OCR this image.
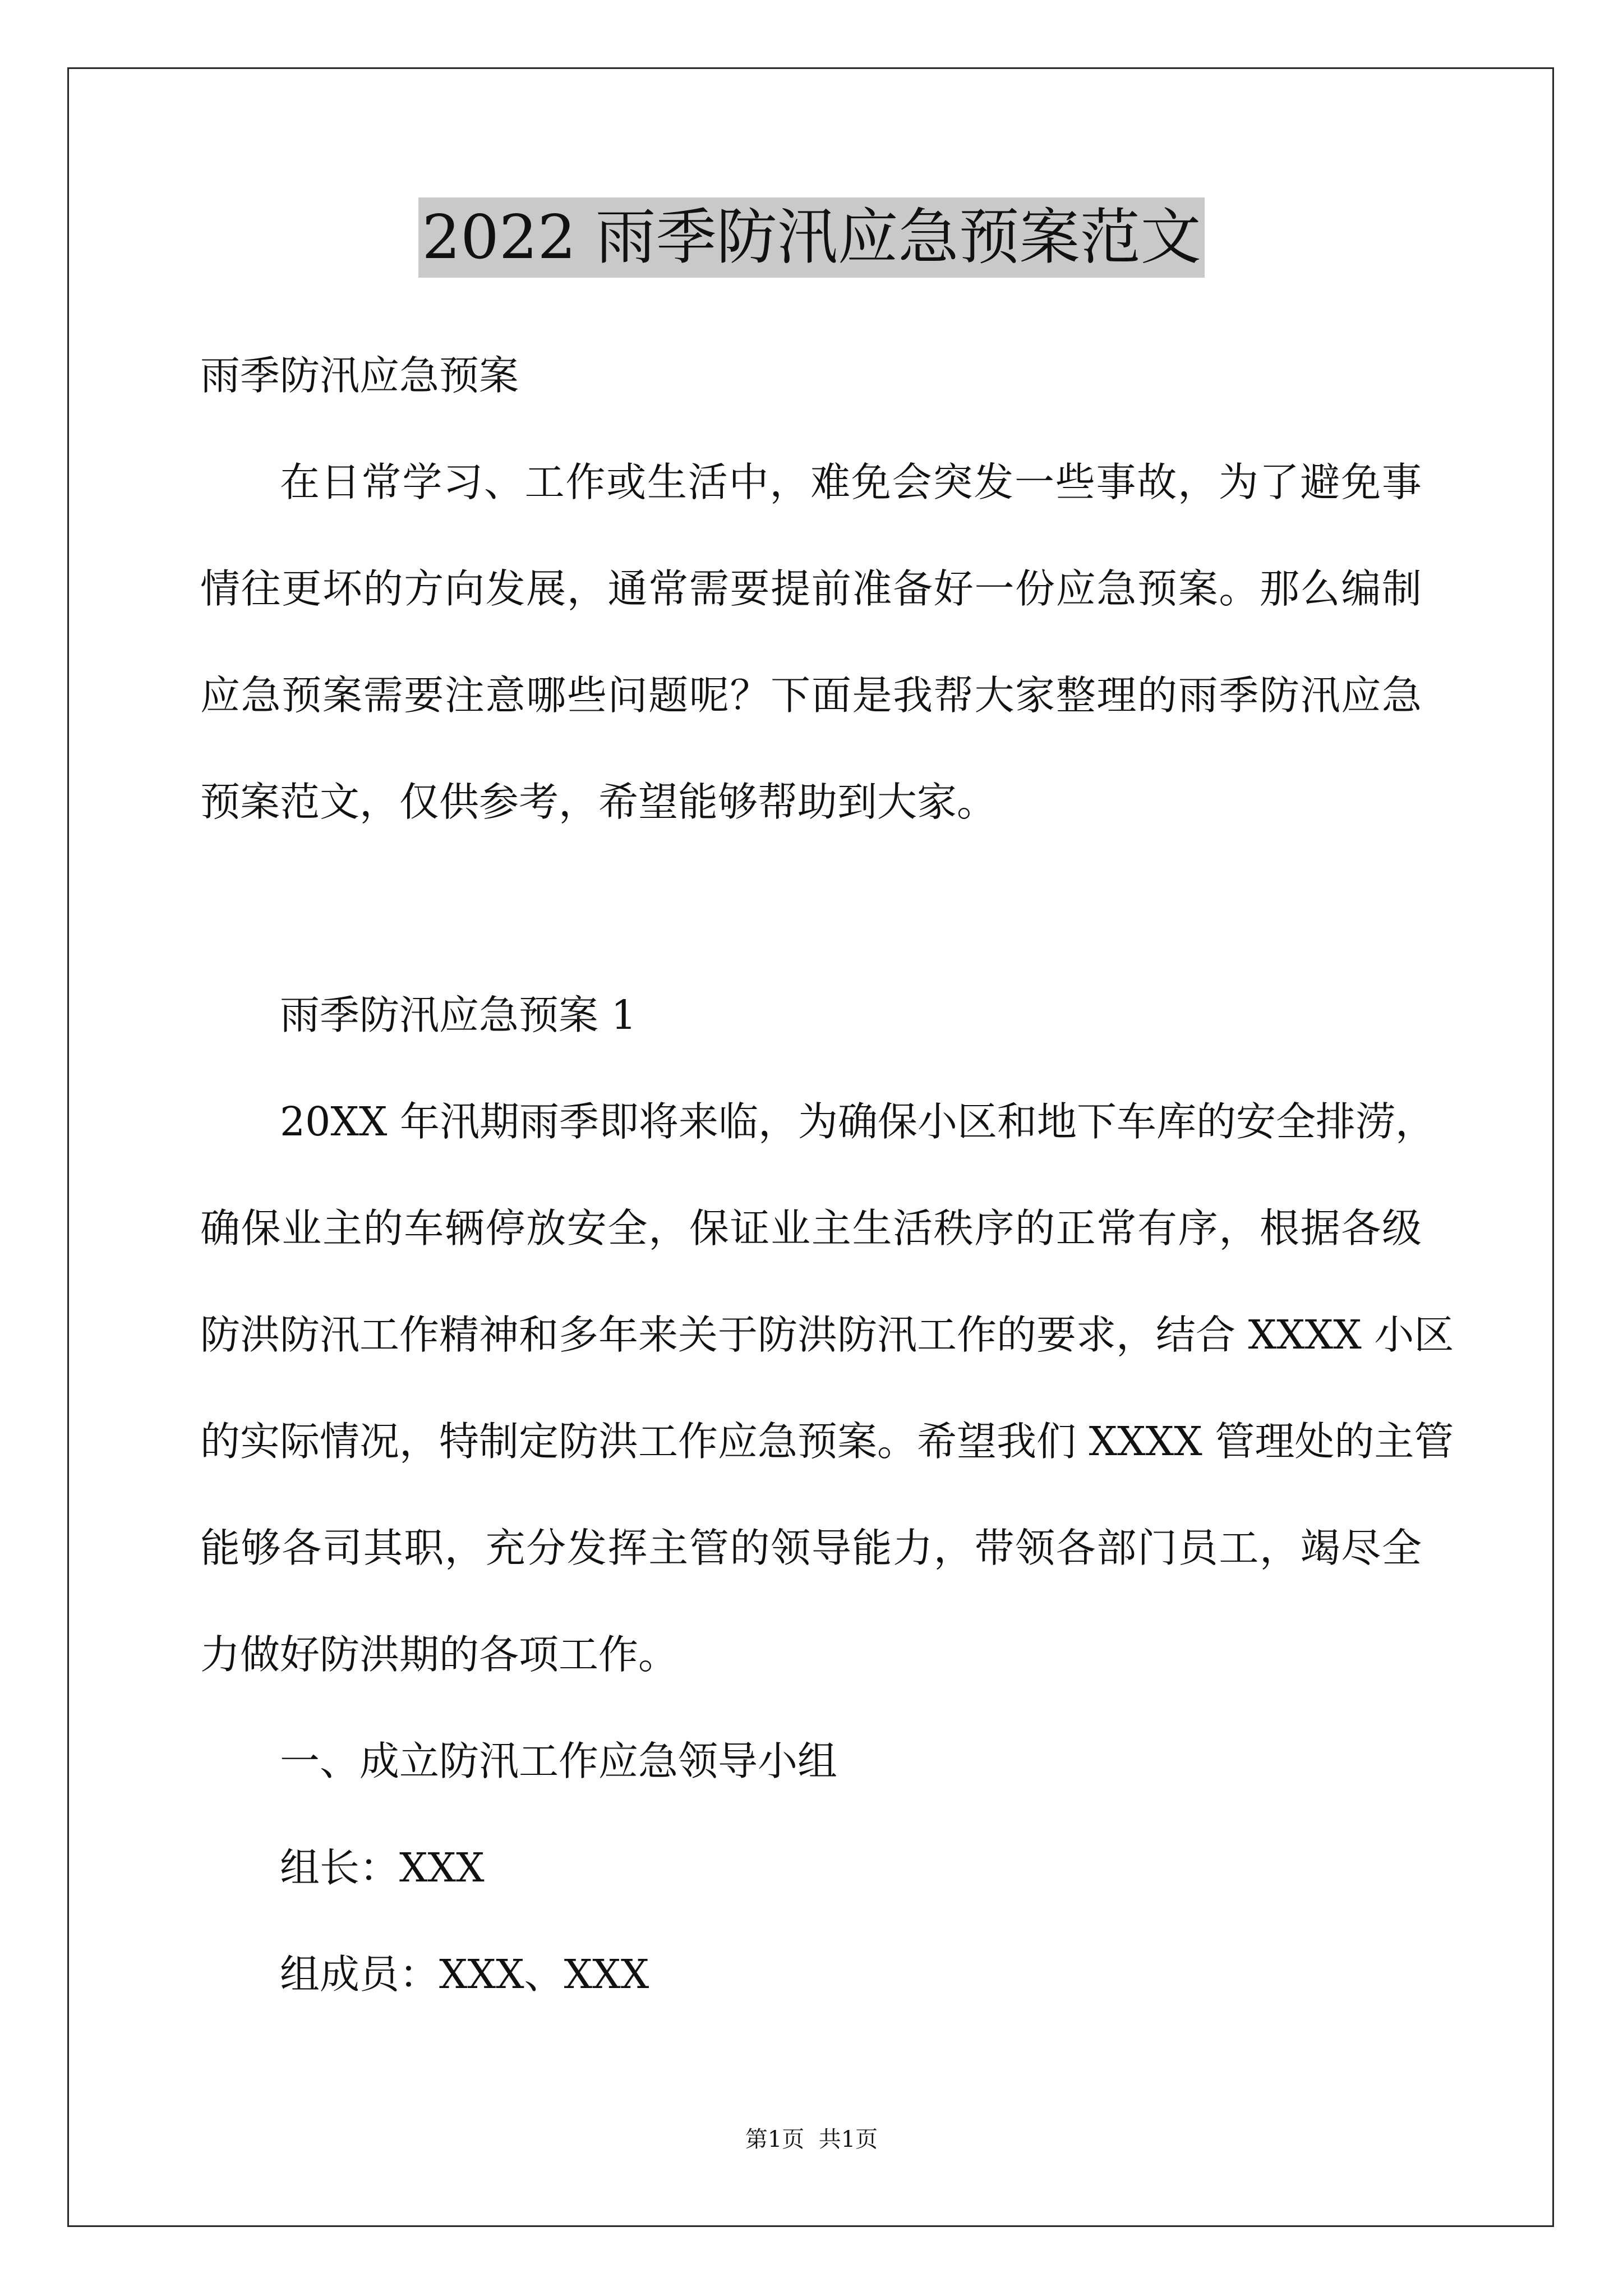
2022 雨季防汛应急预案范文
雨季防汛应急预案
在日常学习、工作或生活中，难免会突发一些事故，为了避免事
情往更坏的方向发展，通常需要提前准备好一份应急预案。那么编制
应急预案需要注意哪些问题呢？下面是我帮大家整理的雨季防汛应急
预案范文，仅供参考，希望能够帮助到大家。
雨季防汛应急预案 1
20XX 年汛期雨季即将来临，为确保小区和地下车库的安全排涝，
确保业主的车辆停放安全，保证业主生活秩序的正常有序，根据各级
防洪防汛工作精神和多年来关于防洪防汛工作的要求，结合 XXXX 小区
的实际情况，特制定防洪工作应急预案。希望我们 XXXX 管理处的主管
能够各司其职，充分发挥主管的领导能力，带领各部门员工，竭尽全
力做好防洪期的各项工作。
一、成立防汛工作应急领导小组
组长：XXX
组成员：XXX、XXX
第1页  共1页
